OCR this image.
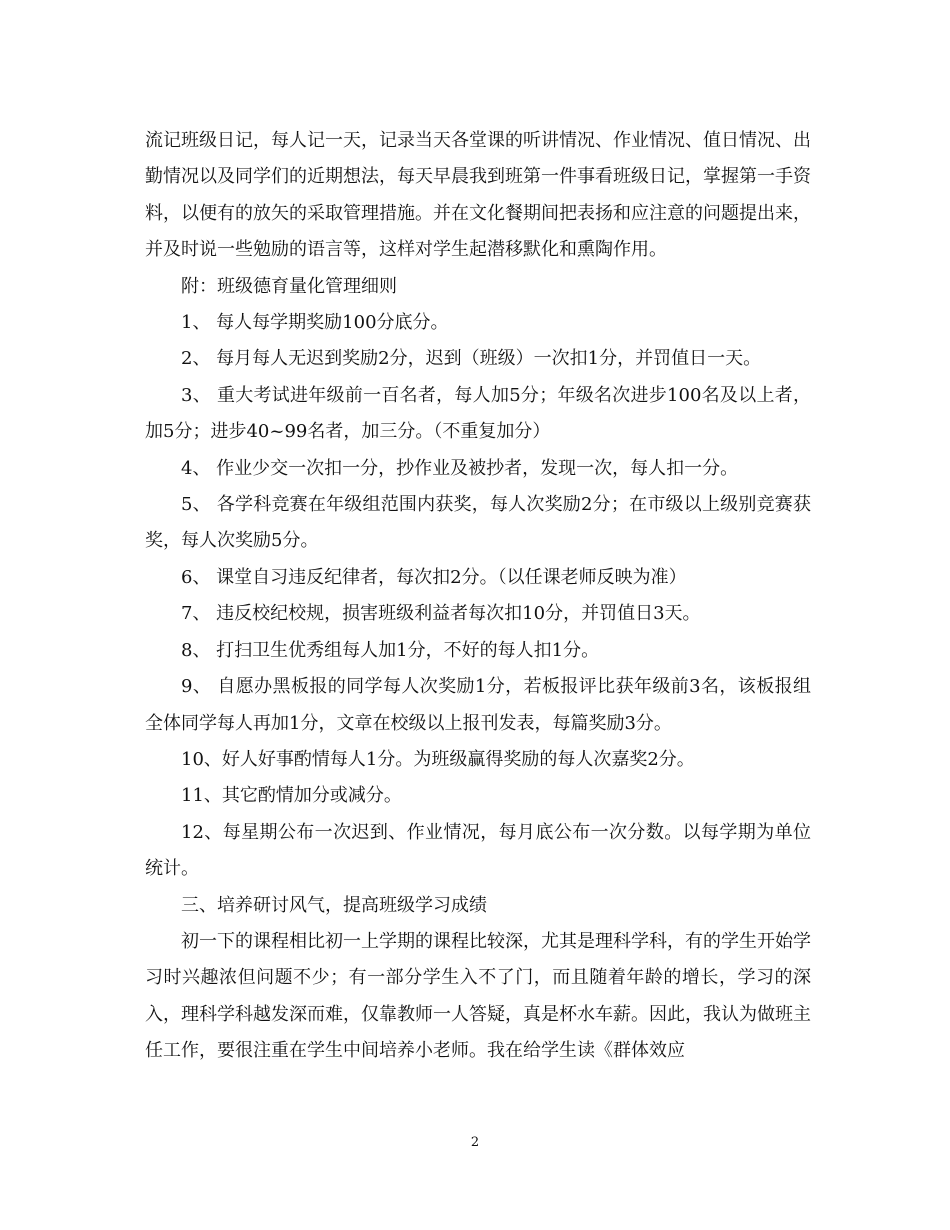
流记班级日记，每人记一天，记录当天各堂课的听讲情况、作业情况、值日情况、出勤情况以及同学们的近期想法，每天早晨我到班第一件事看班级日记，掌握第一手资料，以便有的放矢的采取管理措施。并在文化餐期间把表扬和应注意的问题提出来，并及时说一些勉励的语言等，这样对学生起潜移默化和熏陶作用。

附：班级德育量化管理细则

1、 每人每学期奖励100分底分。

2、 每月每人无迟到奖励2分，迟到（班级）一次扣1分，并罚值日一天。

3、 重大考试进年级前一百名者，每人加5分；年级名次进步100名及以上者，加5分；进步40~99名者，加三分。（不重复加分）

4、 作业少交一次扣一分，抄作业及被抄者，发现一次，每人扣一分。

5、 各学科竞赛在年级组范围内获奖，每人次奖励2分；在市级以上级别竞赛获奖，每人次奖励5分。

6、 课堂自习违反纪律者，每次扣2分。（以任课老师反映为准）

7、 违反校纪校规，损害班级利益者每次扣10分，并罚值日3天。

8、 打扫卫生优秀组每人加1分，不好的每人扣1分。

9、 自愿办黑板报的同学每人次奖励1分，若板报评比获年级前3名，该板报组全体同学每人再加1分，文章在校级以上报刊发表，每篇奖励3分。

10、好人好事酌情每人1分。为班级赢得奖励的每人次嘉奖2分。

11、其它酌情加分或减分。

12、每星期公布一次迟到、作业情况，每月底公布一次分数。以每学期为单位统计。

三、培养研讨风气，提高班级学习成绩

初一下的课程相比初一上学期的课程比较深，尤其是理科学科，有的学生开始学习时兴趣浓但问题不少；有一部分学生入不了门，而且随着年龄的增长，学习的深入，理科学科越发深而难，仅靠教师一人答疑，真是杯水车薪。因此，我认为做班主任工作，要很注重在学生中间培养小老师。我在给学生读《群体效应

2
